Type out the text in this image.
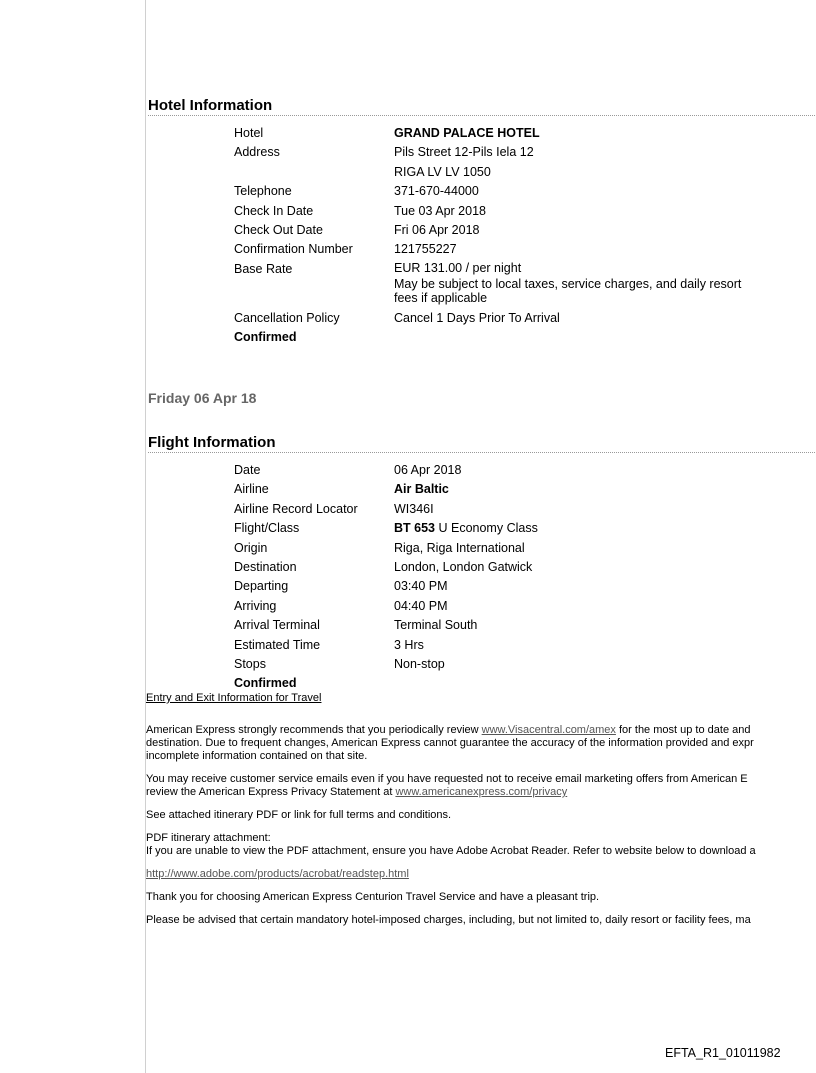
Hotel Information
Hotel	GRAND PALACE HOTEL
Address	Pils Street 12-Pils Iela 12
RIGA LV LV 1050
Telephone	371-670-44000
Check In Date	Tue 03 Apr 2018
Check Out Date	Fri 06 Apr 2018
Confirmation Number	121755227
Base Rate	EUR 131.00 / per night
May be subject to local taxes, service charges, and daily resort
fees if applicable
Cancellation Policy	Cancel 1 Days Prior To Arrival
Confirmed
Friday 06 Apr 18
Flight Information
Date	06 Apr 2018
Airline	Air Baltic
Airline Record Locator	WI346I
Flight/Class	BT 653 U Economy Class
Origin	Riga, Riga International
Destination	London, London Gatwick
Departing	03:40 PM
Arriving	04:40 PM
Arrival Terminal	Terminal South
Estimated Time	3 Hrs
Stops	Non-stop
Confirmed
Entry and Exit Information for Travel

American Express strongly recommends that you periodically review www.Visacentral.com/amex for the most up to date and
destination. Due to frequent changes, American Express cannot guarantee the accuracy of the information provided and expr
incomplete information contained on that site.

You may receive customer service emails even if you have requested not to receive email marketing offers from American E
review the American Express Privacy Statement at www.americanexpress.com/privacy

See attached itinerary PDF or link for full terms and conditions.

PDF itinerary attachment:
If you are unable to view the PDF attachment, ensure you have Adobe Acrobat Reader. Refer to website below to download a

http://www.adobe.com/products/acrobat/readstep.html

Thank you for choosing American Express Centurion Travel Service and have a pleasant trip.

Please be advised that certain mandatory hotel-imposed charges, including, but not limited to, daily resort or facility fees, ma

EFTA_R1_01011982
